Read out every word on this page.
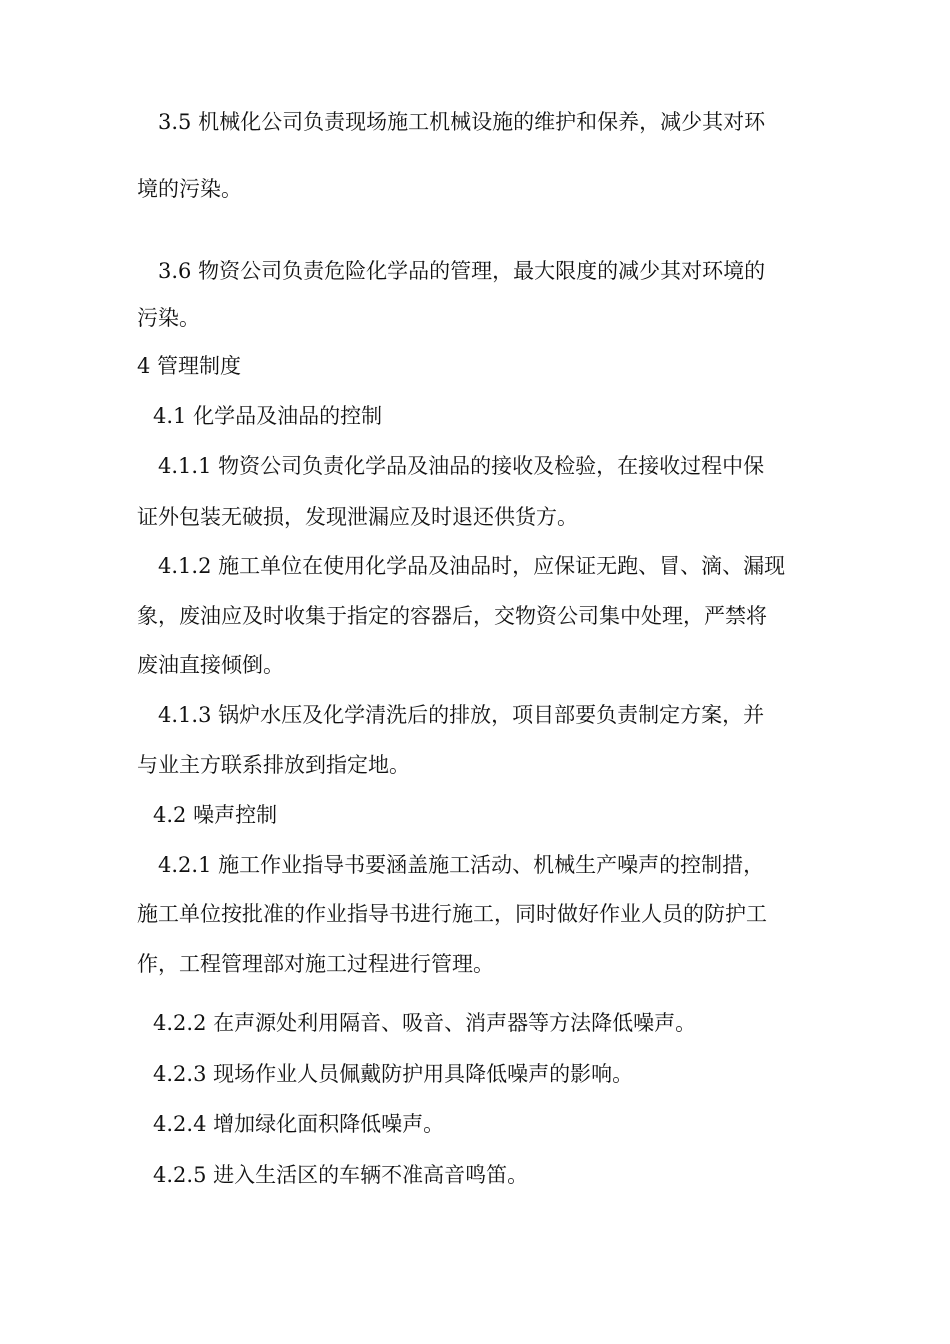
3.5 机械化公司负责现场施工机械设施的维护和保养，减少其对环
境的污染。
3.6 物资公司负责危险化学品的管理，最大限度的减少其对环境的
污染。
4 管理制度
4.1 化学品及油品的控制
4.1.1 物资公司负责化学品及油品的接收及检验，在接收过程中保
证外包装无破损，发现泄漏应及时退还供货方。
4.1.2 施工单位在使用化学品及油品时，应保证无跑、冒、滴、漏现
象，废油应及时收集于指定的容器后，交物资公司集中处理，严禁将
废油直接倾倒。
4.1.3 锅炉水压及化学清洗后的排放，项目部要负责制定方案，并
与业主方联系排放到指定地。
4.2 噪声控制
4.2.1 施工作业指导书要涵盖施工活动、机械生产噪声的控制措，
施工单位按批准的作业指导书进行施工，同时做好作业人员的防护工
作，工程管理部对施工过程进行管理。
4.2.2 在声源处利用隔音、吸音、消声器等方法降低噪声。
4.2.3 现场作业人员佩戴防护用具降低噪声的影响。
4.2.4 增加绿化面积降低噪声。
4.2.5 进入生活区的车辆不准高音鸣笛。
